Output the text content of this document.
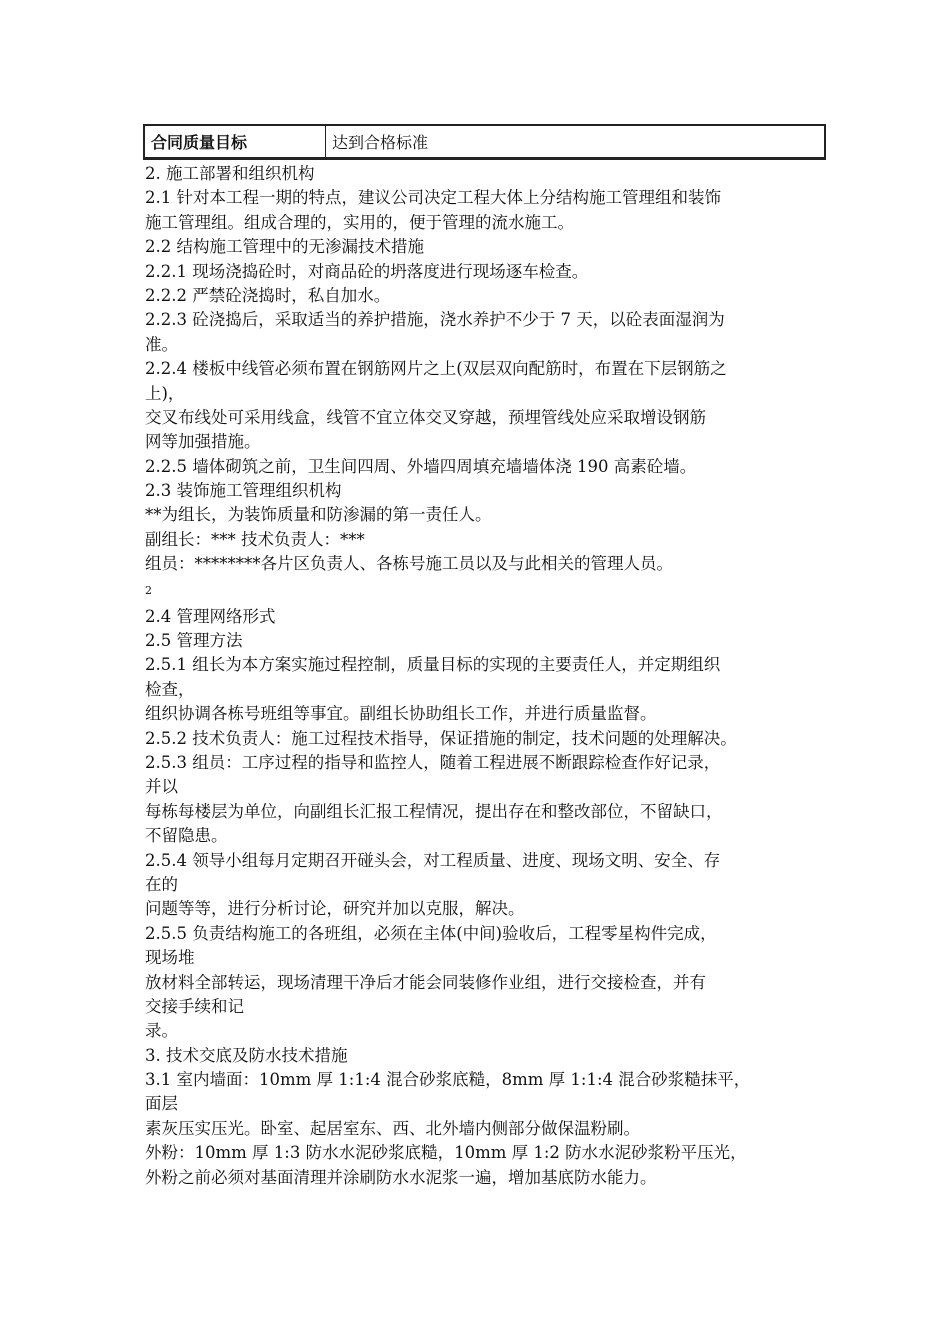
合同质量目标	达到合格标准
2. 施工部署和组织机构
2.1 针对本工程一期的特点，建议公司决定工程大体上分结构施工管理组和装饰
施工管理组。组成合理的，实用的，便于管理的流水施工。
2.2 结构施工管理中的无渗漏技术措施
2.2.1 现场浇捣砼时，对商品砼的坍落度进行现场逐车检查。
2.2.2 严禁砼浇捣时，私自加水。
2.2.3 砼浇捣后，采取适当的养护措施，浇水养护不少于 7 天，以砼表面湿润为
准。
2.2.4 楼板中线管必须布置在钢筋网片之上(双层双向配筋时，布置在下层钢筋之
上)，
交叉布线处可采用线盒，线管不宜立体交叉穿越，预埋管线处应采取增设钢筋
网等加强措施。
2.2.5 墙体砌筑之前，卫生间四周、外墙四周填充墙墙体浇 190 高素砼墙。
2.3 装饰施工管理组织机构
**为组长，为装饰质量和防渗漏的第一责任人。
副组长：*** 技术负责人：***
组员：********各片区负责人、各栋号施工员以及与此相关的管理人员。
2
2.4 管理网络形式
2.5 管理方法
2.5.1 组长为本方案实施过程控制，质量目标的实现的主要责任人，并定期组织
检查，
组织协调各栋号班组等事宜。副组长协助组长工作，并进行质量监督。
2.5.2 技术负责人：施工过程技术指导，保证措施的制定，技术问题的处理解决。
2.5.3 组员：工序过程的指导和监控人，随着工程进展不断跟踪检查作好记录，
并以
每栋每楼层为单位，向副组长汇报工程情况，提出存在和整改部位，不留缺口，
不留隐患。
2.5.4 领导小组每月定期召开碰头会，对工程质量、进度、现场文明、安全、存
在的
问题等等，进行分析讨论，研究并加以克服，解决。
2.5.5 负责结构施工的各班组，必须在主体(中间)验收后，工程零星构件完成，
现场堆
放材料全部转运，现场清理干净后才能会同装修作业组，进行交接检查，并有
交接手续和记
录。
3. 技术交底及防水技术措施
3.1 室内墙面：10mm 厚 1:1:4 混合砂浆底糙，8mm 厚 1:1:4 混合砂浆糙抹平，
面层
素灰压实压光。卧室、起居室东、西、北外墙内侧部分做保温粉刷。
外粉：10mm 厚 1:3 防水水泥砂浆底糙，10mm 厚 1:2 防水水泥砂浆粉平压光，
外粉之前必须对基面清理并涂刷防水水泥浆一遍，增加基底防水能力。
